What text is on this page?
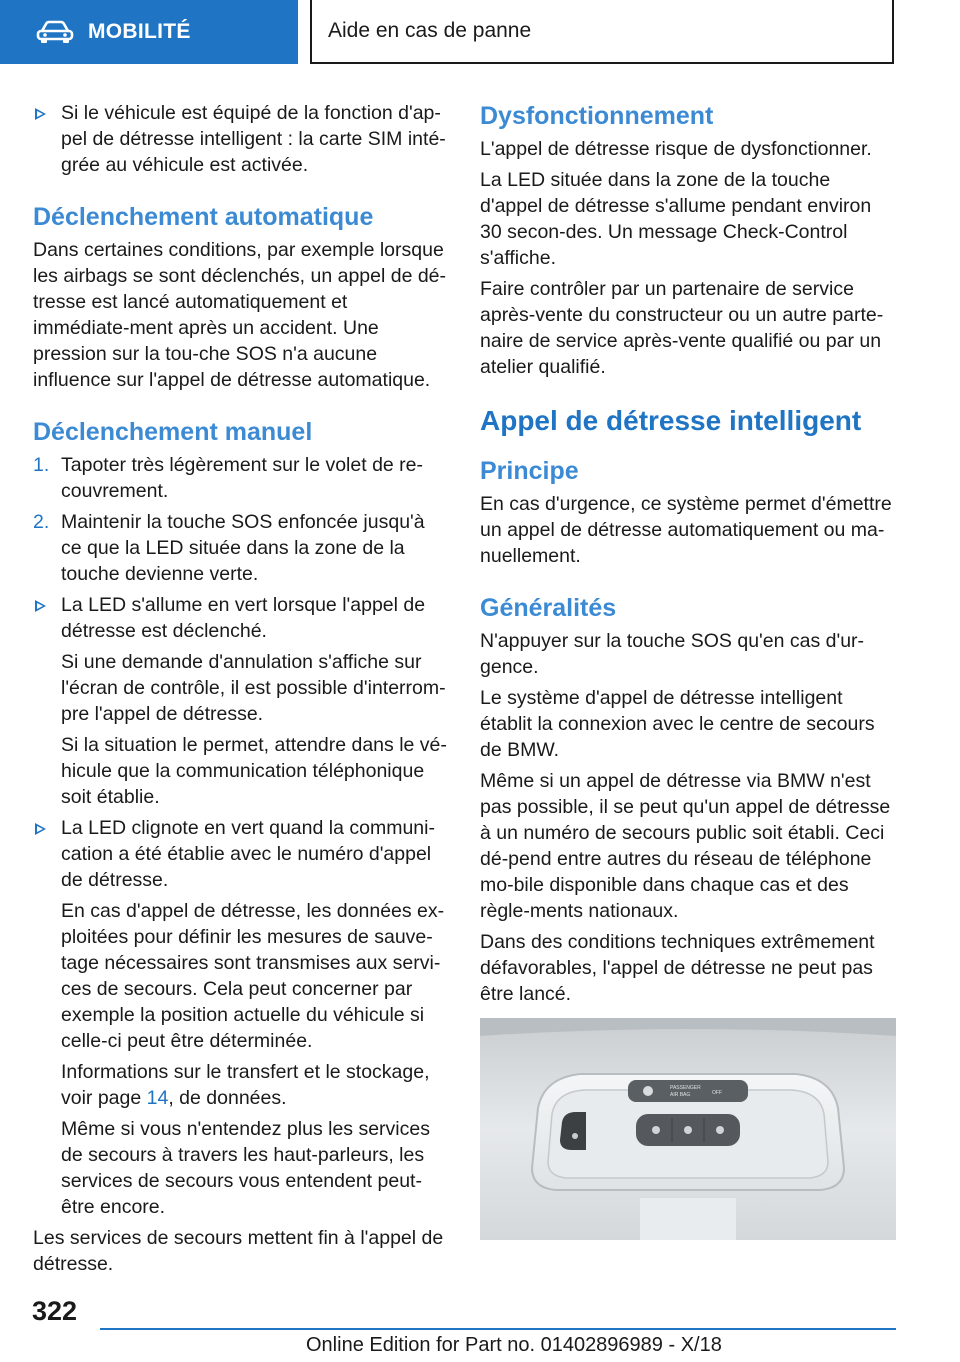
MOBILITÉ	Aide en cas de panne
Si le véhicule est équipé de la fonction d'ap-pel de détresse intelligent : la carte SIM inté-grée au véhicule est activée.
Déclenchement automatique

Dans certaines conditions, par exemple lorsque les airbags se sont déclenchés, un appel de dé-tresse est lancé automatiquement et immédiate-ment après un accident. Une pression sur la tou-che SOS n'a aucune influence sur l'appel de détresse automatique.

Déclenchement manuel
1. Tapoter très légèrement sur le volet de re-couvrement.
2. Maintenir la touche SOS enfoncée jusqu'à ce que la LED située dans la zone de la touche devienne verte.
La LED s'allume en vert lorsque l'appel de détresse est déclenché.

Si une demande d'annulation s'affiche sur l'écran de contrôle, il est possible d'interrom-pre l'appel de détresse.

Si la situation le permet, attendre dans le vé-hicule que la communication téléphonique soit établie.

La LED clignote en vert quand la communi-cation a été établie avec le numéro d'appel de détresse.

En cas d'appel de détresse, les données ex-ploitées pour définir les mesures de sauve-tage nécessaires sont transmises aux servi-ces de secours. Cela peut concerner par exemple la position actuelle du véhicule si celle-ci peut être déterminée.

Informations sur le transfert et le stockage, voir page 14, de données.

Même si vous n'entendez plus les services de secours à travers les haut-parleurs, les services de secours vous entendent peut-être encore.

Les services de secours mettent fin à l'appel de détresse.

Dysfonctionnement

L'appel de détresse risque de dysfonctionner.

La LED située dans la zone de la touche d'appel de détresse s'allume pendant environ 30 secon-des. Un message Check-Control s'affiche.

Faire contrôler par un partenaire de service après-vente du constructeur ou un autre parte-naire de service après-vente qualifié ou par un atelier qualifié.

Appel de détresse intelligent
Principe

En cas d'urgence, ce système permet d'émettre un appel de détresse automatiquement ou ma-nuellement.

Généralités

N'appuyer sur la touche SOS qu'en cas d'ur-gence.

Le système d'appel de détresse intelligent établit la connexion avec le centre de secours de BMW.

Même si un appel de détresse via BMW n'est pas possible, il se peut qu'un appel de détresse à un numéro de secours public soit établi. Ceci dé-pend entre autres du réseau de téléphone mo-bile disponible dans chaque cas et des règle-ments nationaux.

Dans des conditions techniques extrêmement défavorables, l'appel de détresse ne peut pas être lancé.

PASSENGER
AIR BAG	OFF
322
Online Edition for Part no. 01402896989 - X/18
